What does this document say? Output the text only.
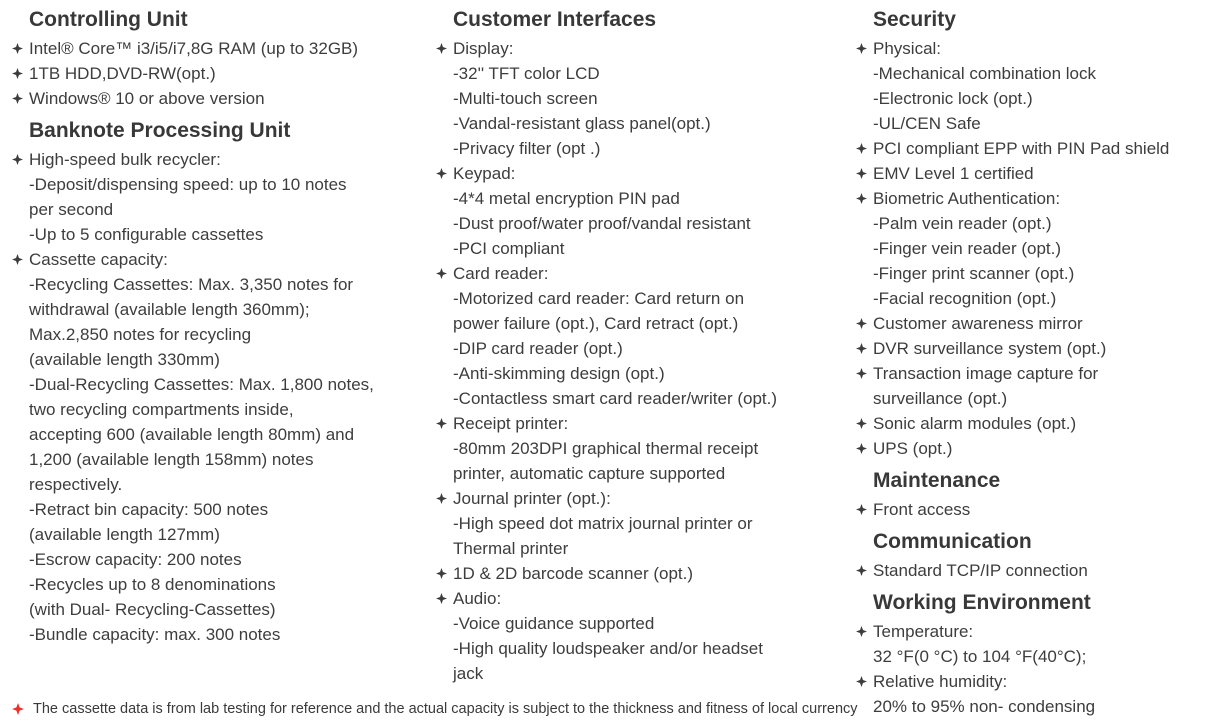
Controlling Unit
Intel® Core™ i3/i5/i7,8G RAM (up to 32GB)
1TB HDD,DVD-RW(opt.)
Windows® 10 or above version
Banknote Processing Unit
High-speed bulk recycler:
-Deposit/dispensing speed: up to 10 notes
per second
-Up to 5 configurable cassettes
Cassette capacity:
-Recycling Cassettes: Max. 3,350 notes for
withdrawal (available length 360mm);
Max.2,850 notes for recycling
(available length 330mm)
-Dual-Recycling Cassettes: Max. 1,800 notes,
two recycling compartments inside,
accepting 600 (available length 80mm) and
1,200 (available length 158mm) notes
respectively.
-Retract bin capacity: 500 notes
(available length 127mm)
-Escrow capacity: 200 notes
-Recycles up to 8 denominations
(with Dual- Recycling-Cassettes)
-Bundle capacity: max. 300 notes
Customer Interfaces
Display:
-32'' TFT color LCD
-Multi-touch screen
-Vandal-resistant glass panel(opt.)
-Privacy filter (opt .)
Keypad:
-4*4 metal encryption PIN pad
-Dust proof/water proof/vandal resistant
-PCI compliant
Card reader:
-Motorized card reader: Card return on
power failure (opt.), Card retract (opt.)
-DIP card reader (opt.)
-Anti-skimming design (opt.)
-Contactless smart card reader/writer (opt.)
Receipt printer:
-80mm 203DPI graphical thermal receipt
printer, automatic capture supported
Journal printer (opt.):
-High speed dot matrix journal printer or
Thermal printer
1D & 2D barcode scanner (opt.)
Audio:
-Voice guidance supported
-High quality loudspeaker and/or headset
jack
Security
Physical:
-Mechanical combination lock
-Electronic lock (opt.)
-UL/CEN Safe
PCI compliant EPP with PIN Pad shield
EMV Level 1 certified
Biometric Authentication:
-Palm vein reader (opt.)
-Finger vein reader (opt.)
-Finger print scanner (opt.)
-Facial recognition (opt.)
Customer awareness mirror
DVR surveillance system (opt.)
Transaction image capture for
surveillance (opt.)
Sonic alarm modules (opt.)
UPS (opt.)
Maintenance
Front access
Communication
Standard TCP/IP connection
Working Environment
Temperature:
32 °F(0 °C) to 104 °F(40°C);
Relative humidity:
20% to 95% non- condensing
The cassette data is from lab testing for reference and the actual capacity is subject to the thickness and fitness of local currency
